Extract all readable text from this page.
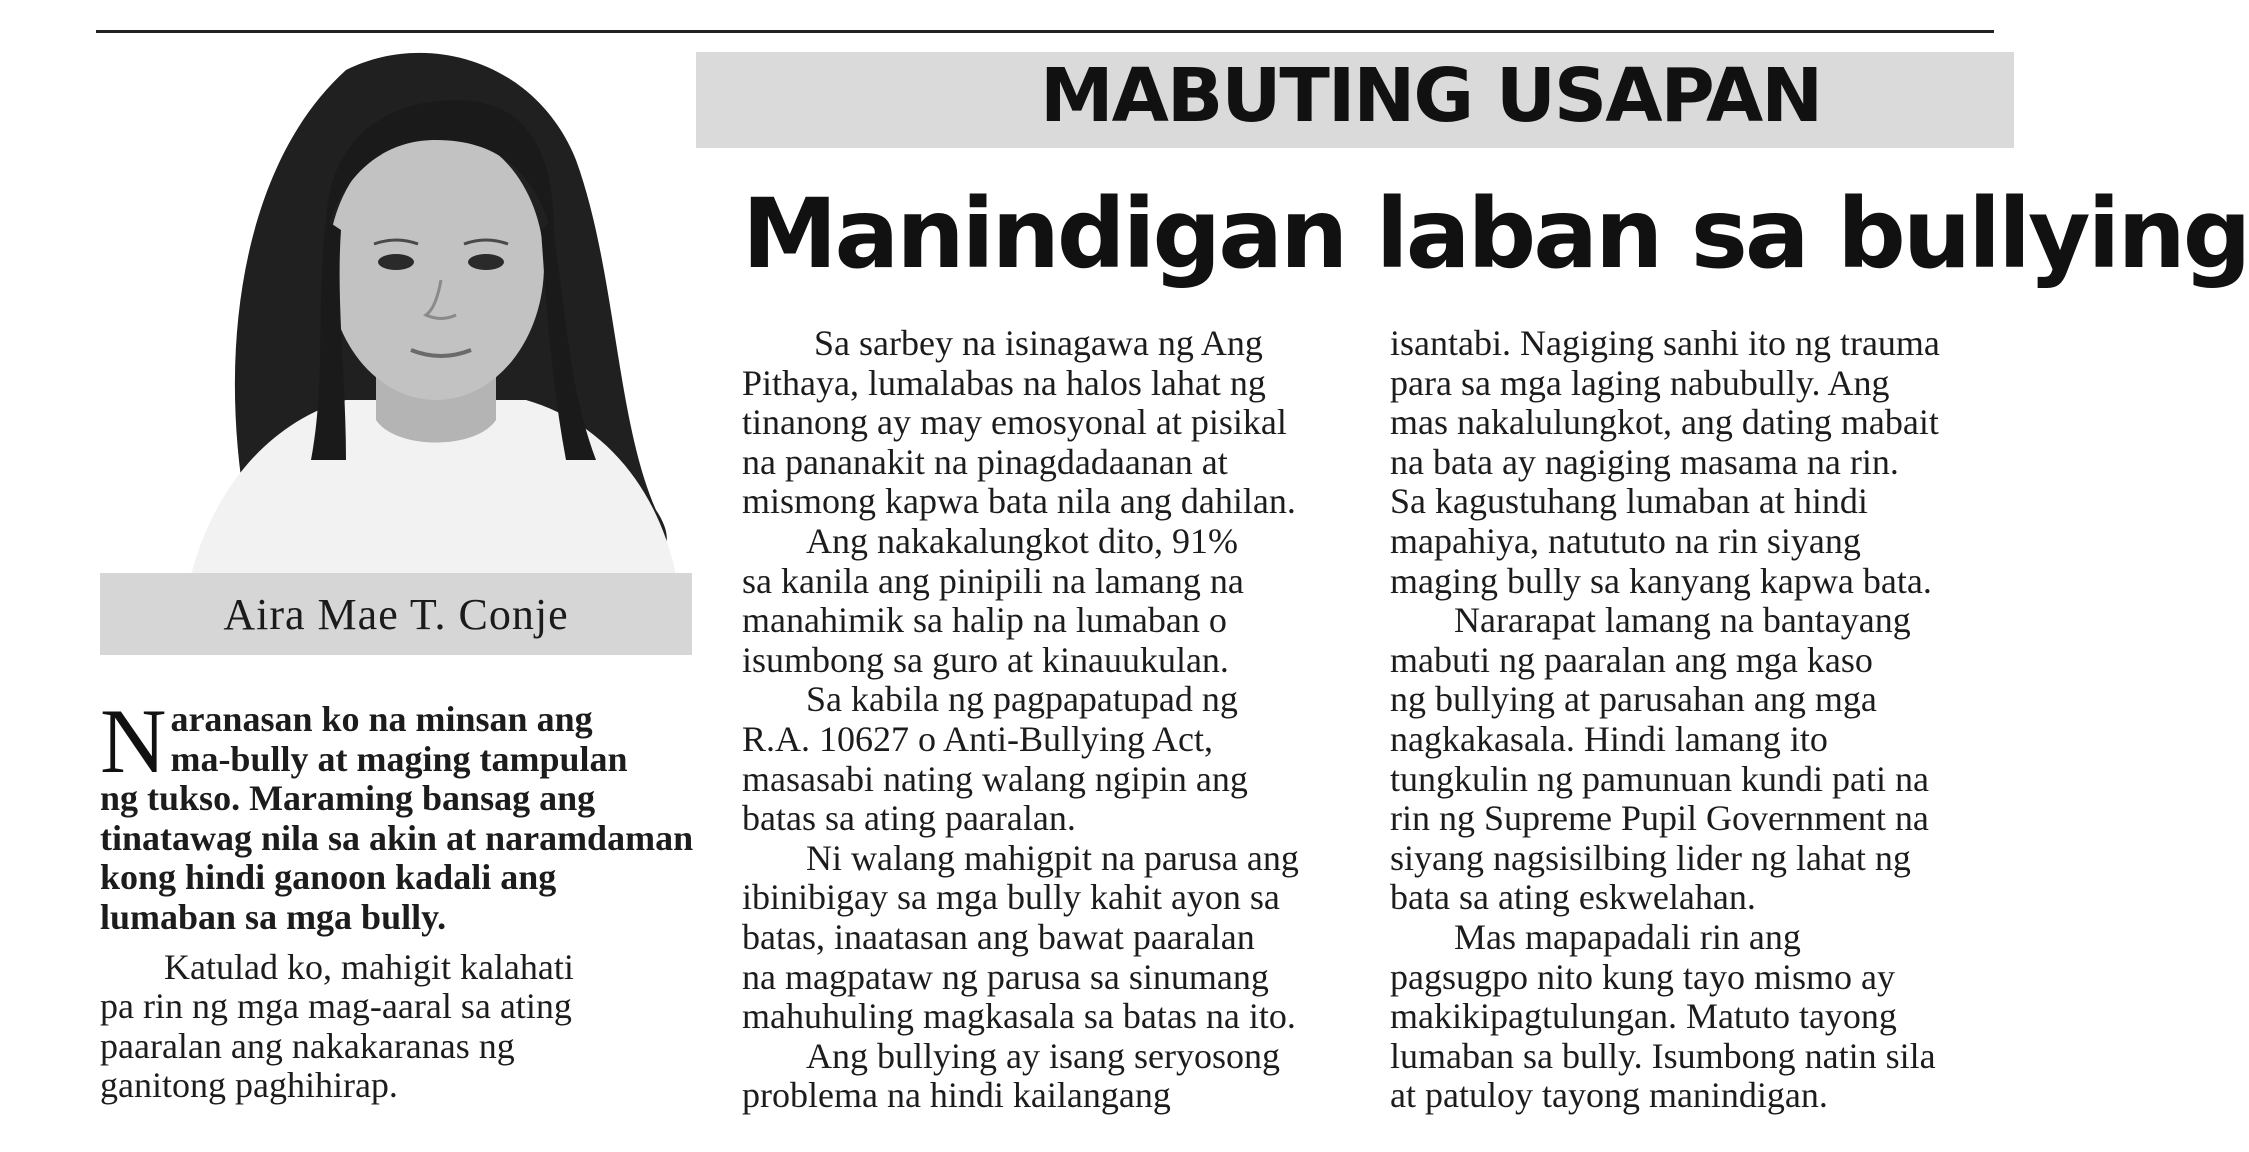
MABUTING USAPAN
Manindigan laban sa bullying
Aira Mae T. Conje

N aranasan ko na minsan ang
ma-bully at maging tampulan
ng tukso. Maraming bansag ang
tinatawag nila sa akin at naramdaman
kong hindi ganoon kadali ang
lumaban sa mga bully.

Katulad ko, mahigit kalahati
pa rin ng mga mag-aaral sa ating
paaralan ang nakakaranas ng
ganitong paghihirap.

Sa sarbey na isinagawa ng Ang
Pithaya, lumalabas na halos lahat ng
tinanong ay may emosyonal at pisikal
na pananakit na pinagdadaanan at
mismong kapwa bata nila ang dahilan.

Ang nakakalungkot dito, 91%
sa kanila ang pinipili na lamang na
manahimik sa halip na lumaban o
isumbong sa guro at kinauukulan.

Sa kabila ng pagpapatupad ng
R.A. 10627 o Anti-Bullying Act,
masasabi nating walang ngipin ang
batas sa ating paaralan.

Ni walang mahigpit na parusa ang
ibinibigay sa mga bully kahit ayon sa
batas, inaatasan ang bawat paaralan
na magpataw ng parusa sa sinumang
mahuhuling magkasala sa batas na ito.

Ang bullying ay isang seryosong
problema na hindi kailangang

isantabi. Nagiging sanhi ito ng trauma
para sa mga laging nabubully. Ang
mas nakalulungkot, ang dating mabait
na bata ay nagiging masama na rin.
Sa kagustuhang lumaban at hindi
mapahiya, natututo na rin siyang
maging bully sa kanyang kapwa bata.

Nararapat lamang na bantayang
mabuti ng paaralan ang mga kaso
ng bullying at parusahan ang mga
nagkakasala. Hindi lamang ito
tungkulin ng pamunuan kundi pati na
rin ng Supreme Pupil Government na
siyang nagsisilbing lider ng lahat ng
bata sa ating eskwelahan.

Mas mapapadali rin ang
pagsugpo nito kung tayo mismo ay
makikipagtulungan. Matuto tayong
lumaban sa bully. Isumbong natin sila
at patuloy tayong manindigan.
